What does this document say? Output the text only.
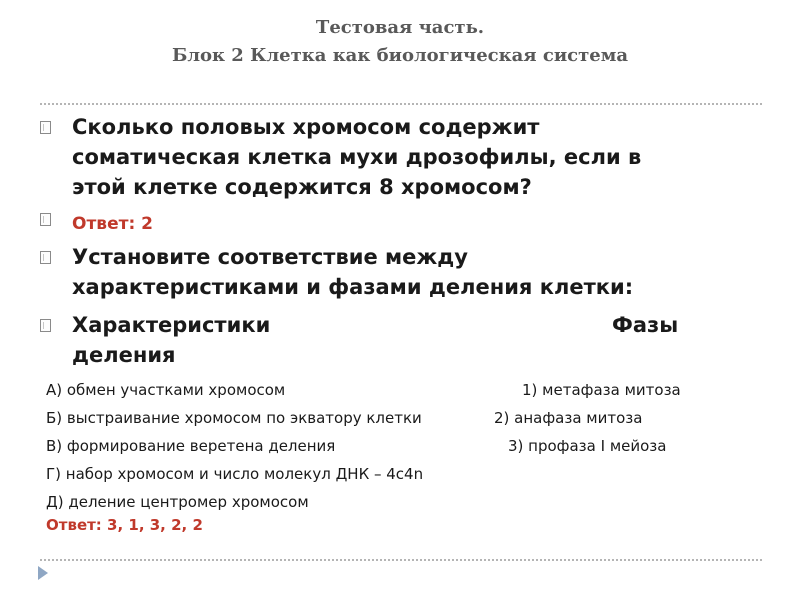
Тестовая часть.
Блок 2 Клетка как биологическая система
Сколько половых хромосом содержит
соматическая клетка мухи дрозофилы, если в
этой клетке содержится 8 хромосом?
Ответ: 2
Установите соответствие между
характеристиками и фазами деления клетки:
Характеристики	Фазы
деления
А) обмен участками хромосом	1) метафаза митоза
Б) выстраивание хромосом по экватору клетки	2) анафаза митоза
В) формирование веретена деления	3) профаза I мейоза
Г) набор хромосом и число молекул ДНК – 4с4n
Д) деление центромер хромосом
Ответ: 3, 1, 3, 2, 2
